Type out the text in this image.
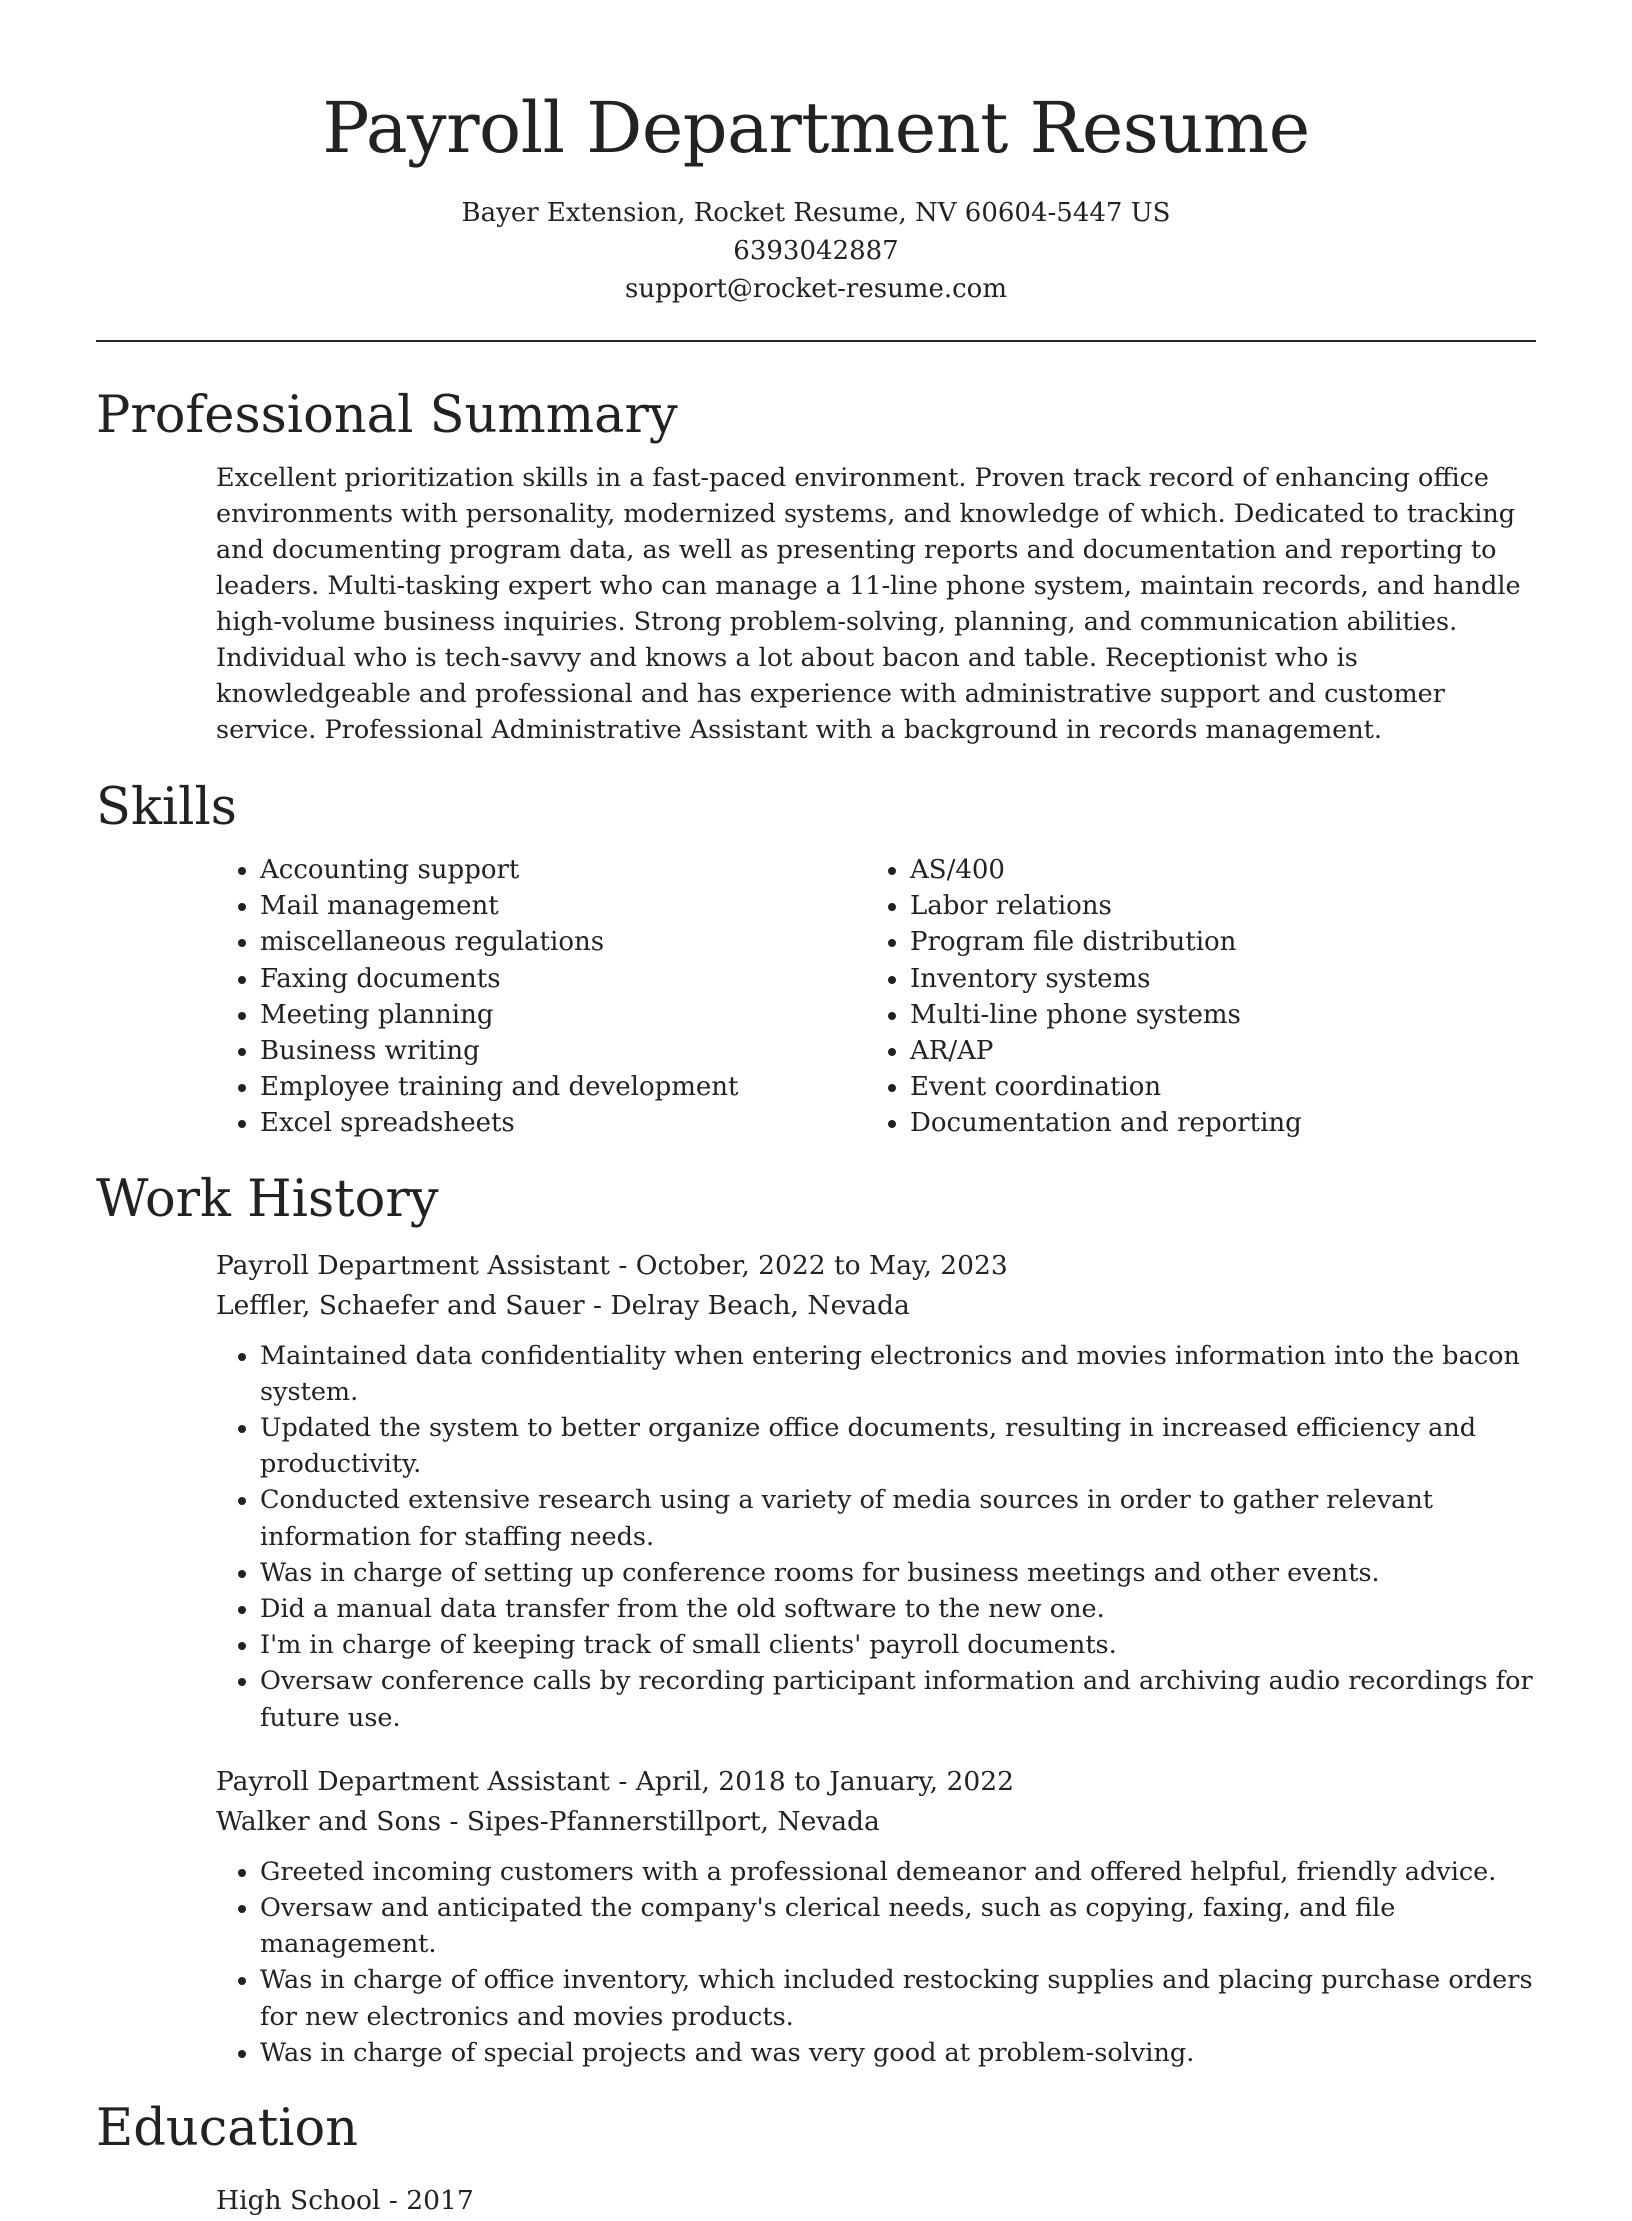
Payroll Department Resume
Bayer Extension, Rocket Resume, NV 60604-5447 US
6393042887
support@rocket-resume.com
Professional Summary

Excellent prioritization skills in a fast-paced environment. Proven track record of enhancing office environments with personality, modernized systems, and knowledge of which. Dedicated to tracking and documenting program data, as well as presenting reports and documentation and reporting to leaders. Multi-tasking expert who can manage a 11-line phone system, maintain records, and handle high-volume business inquiries. Strong problem-solving, planning, and communication abilities. Individual who is tech-savvy and knows a lot about bacon and table. Receptionist who is knowledgeable and professional and has experience with administrative support and customer service. Professional Administrative Assistant with a background in records management.

Skills
• Accounting support
• Mail management
• miscellaneous regulations
• Faxing documents
• Meeting planning
• Business writing
• Employee training and development
• Excel spreadsheets
• AS/400
• Labor relations
• Program file distribution
• Inventory systems
• Multi-line phone systems
• AR/AP
• Event coordination
• Documentation and reporting
Work History
Payroll Department Assistant - October, 2022 to May, 2023
Leffler, Schaefer and Sauer - Delray Beach, Nevada
• Maintained data confidentiality when entering electronics and movies information into the bacon system.
• Updated the system to better organize office documents, resulting in increased efficiency and productivity.
• Conducted extensive research using a variety of media sources in order to gather relevant information for staffing needs.
• Was in charge of setting up conference rooms for business meetings and other events.
• Did a manual data transfer from the old software to the new one.
• I'm in charge of keeping track of small clients' payroll documents.
• Oversaw conference calls by recording participant information and archiving audio recordings for future use.
Payroll Department Assistant - April, 2018 to January, 2022
Walker and Sons - Sipes-Pfannerstillport, Nevada
• Greeted incoming customers with a professional demeanor and offered helpful, friendly advice.
• Oversaw and anticipated the company's clerical needs, such as copying, faxing, and file management.
• Was in charge of office inventory, which included restocking supplies and placing purchase orders for new electronics and movies products.
• Was in charge of special projects and was very good at problem-solving.
Education
High School - 2017
